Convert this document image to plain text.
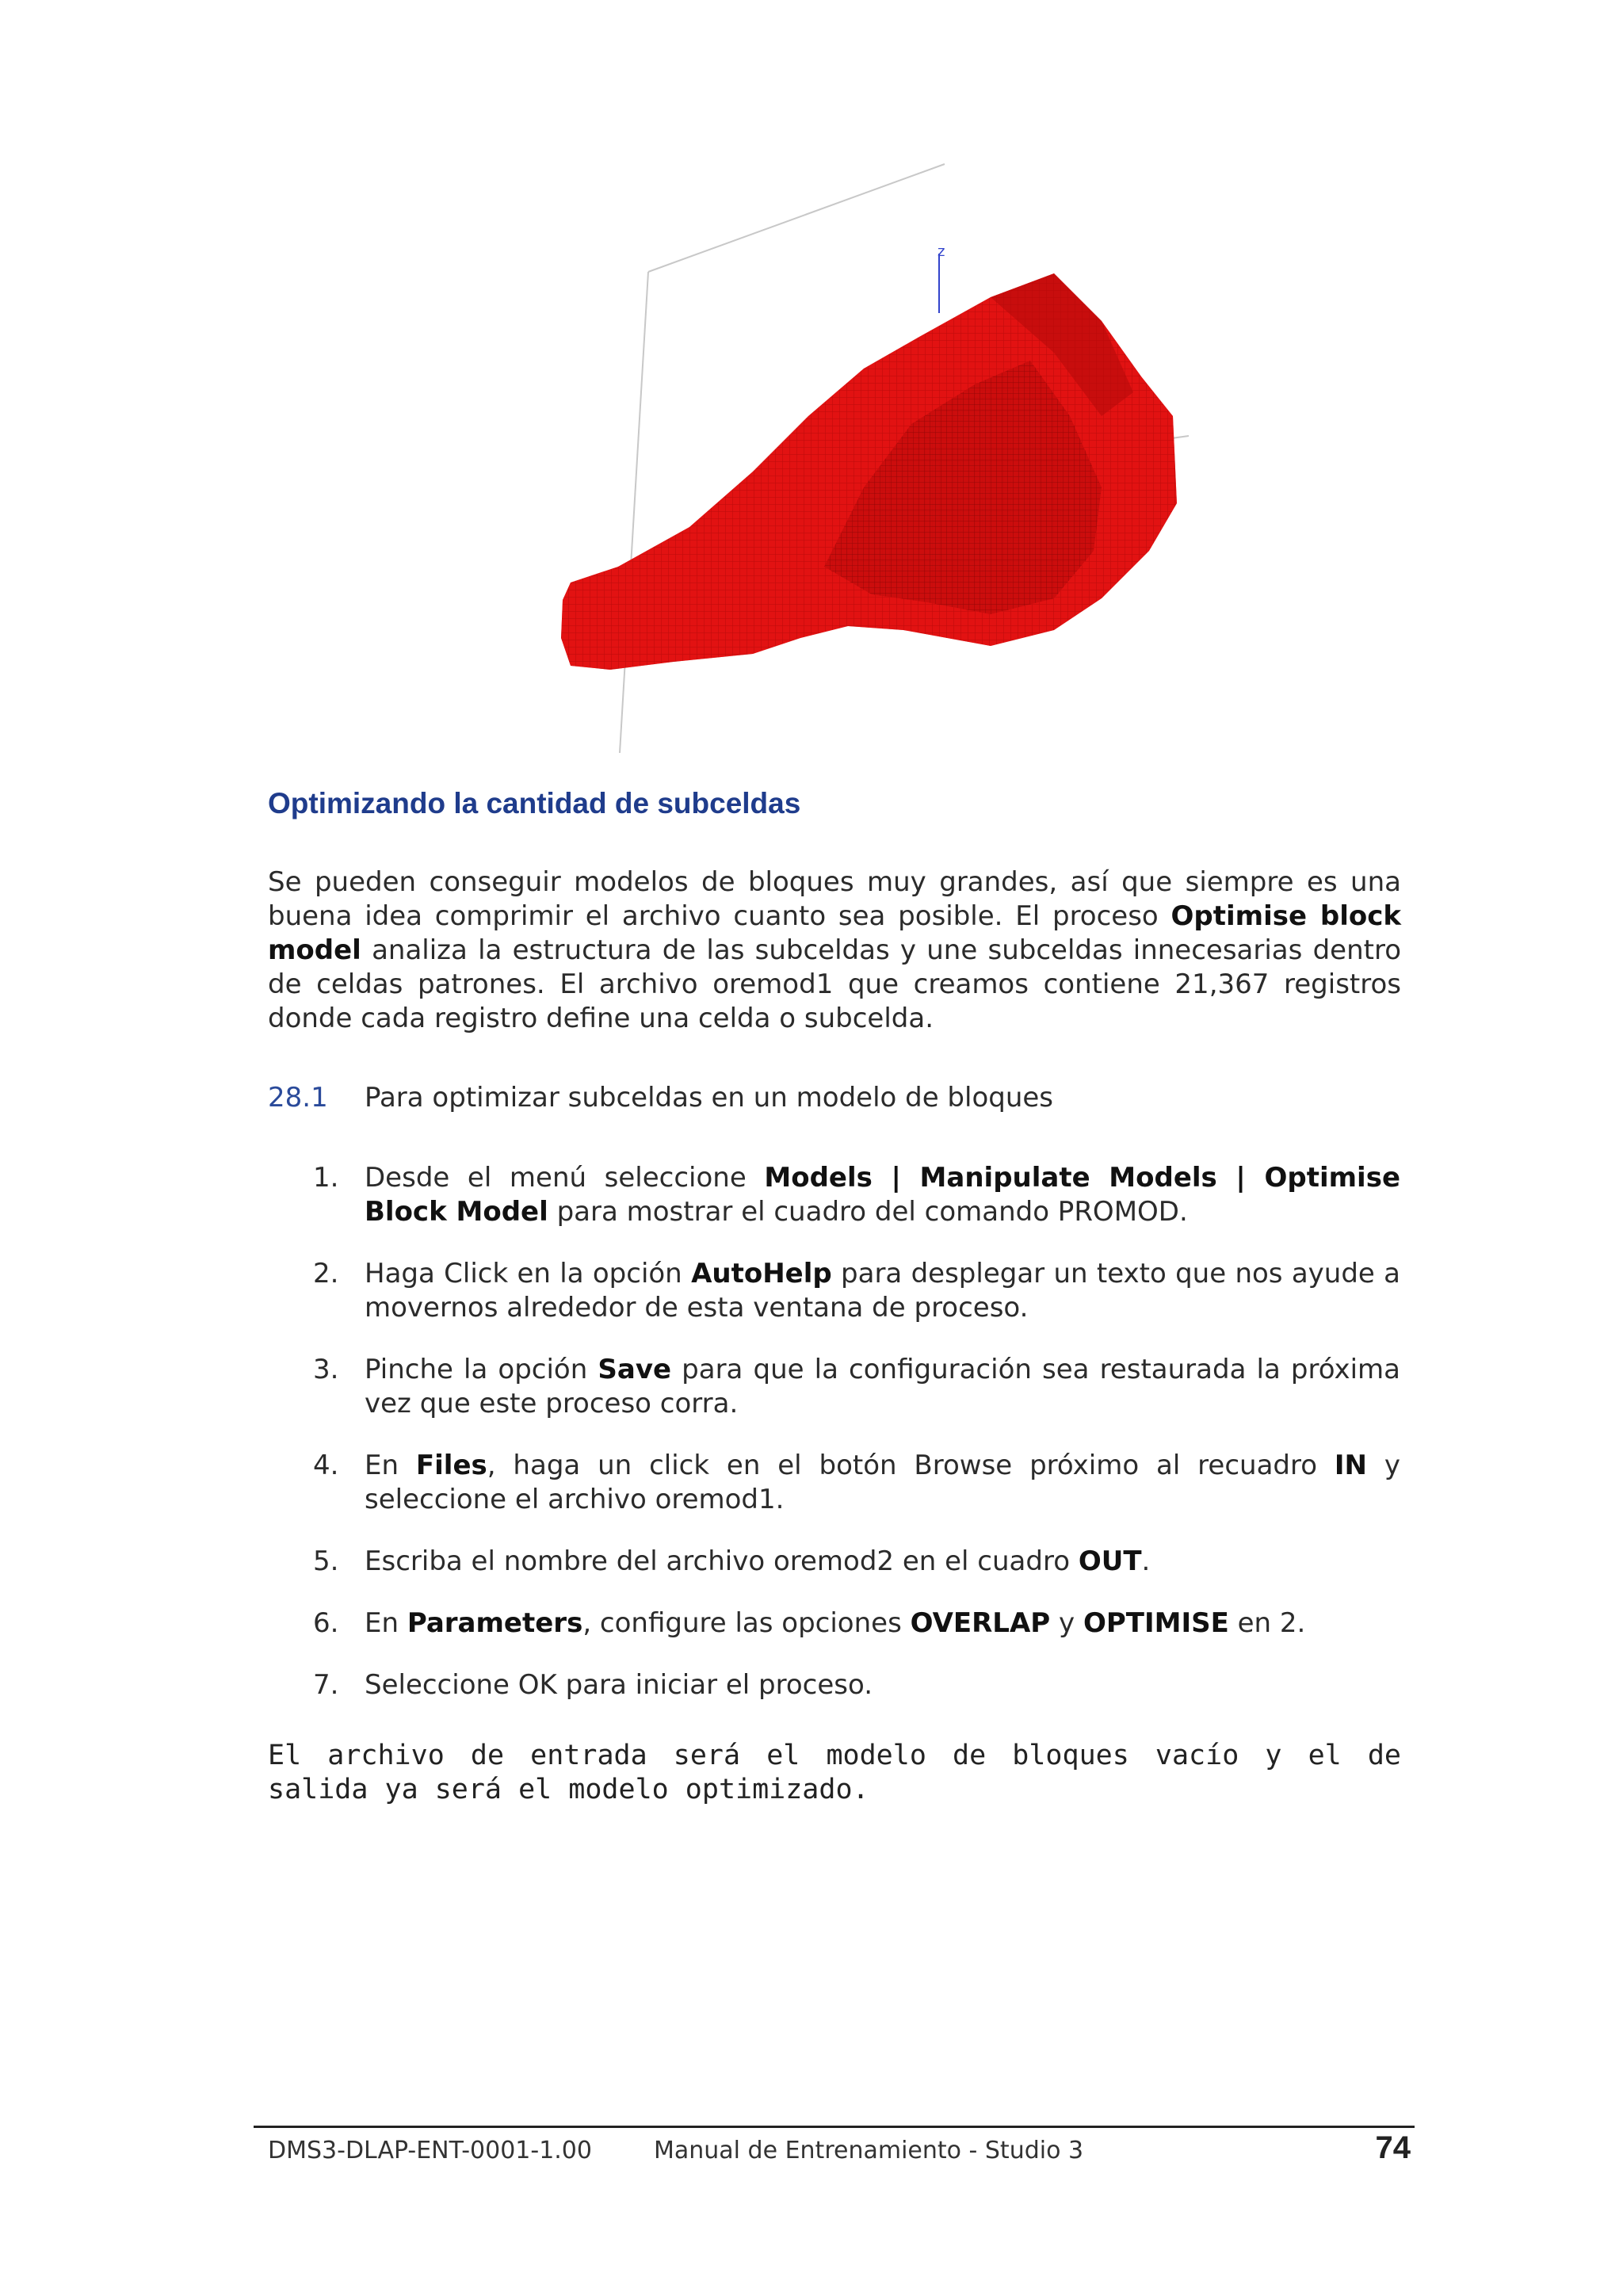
z
Optimizando la cantidad de subceldas
Se pueden conseguir modelos de bloques muy grandes, así que siempre es una buena idea comprimir el archivo cuanto sea posible. El proceso Optimise block model analiza la estructura de las subceldas y une subceldas innecesarias dentro de celdas patrones. El archivo oremod1 que creamos contiene 21,367 registros donde cada registro define una celda o subcelda.
28.1 Para optimizar subceldas en un modelo de bloques
1. Desde el menú seleccione Models | Manipulate Models | Optimise Block Model para mostrar el cuadro del comando PROMOD.
2. Haga Click en la opción AutoHelp para desplegar un texto que nos ayude a movernos alrededor de esta ventana de proceso.
3. Pinche la opción Save para que la configuración sea restaurada la próxima vez que este proceso corra.
4. En Files, haga un click en el botón Browse próximo al recuadro IN y seleccione el archivo oremod1.
5. Escriba el nombre del archivo oremod2 en el cuadro OUT.
6. En Parameters, configure las opciones OVERLAP y OPTIMISE en 2.
7. Seleccione OK para iniciar el proceso.
El archivo de entrada será el modelo de bloques vacío y el de salida ya será el modelo optimizado.
DMS3-DLAP-ENT-0001-1.00	Manual de Entrenamiento - Studio 3	74
